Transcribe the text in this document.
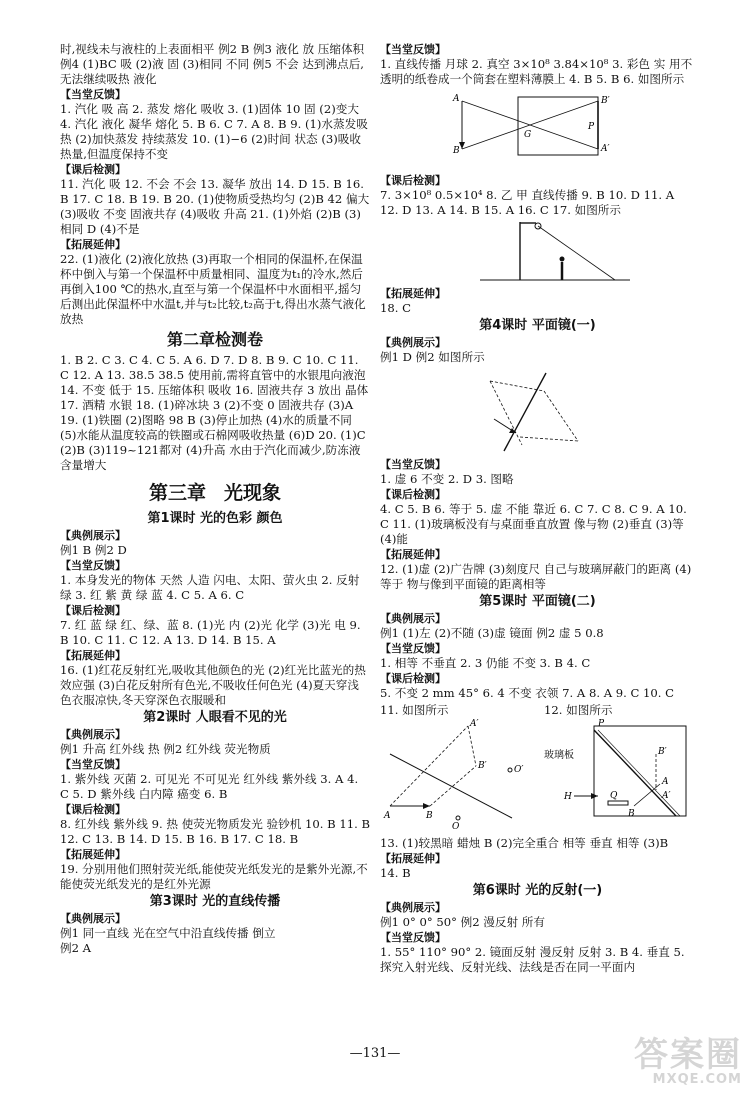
时,视线未与液柱的上表面相平 例2 B 例3 液化 放 压缩体积 例4 (1)BC 吸 (2)液 固 (3)相同 不同 例5 不会 达到沸点后,无法继续吸热 液化

【当堂反馈】

1. 汽化 吸 高 2. 蒸发 熔化 吸收 3. (1)固体 10 固 (2)变大 4. 汽化 液化 凝华 熔化 5. B 6. C 7. A 8. B 9. (1)水蒸发吸热 (2)加快蒸发 持续蒸发 10. (1)−6 (2)时间 状态 (3)吸收热量,但温度保持不变

【课后检测】

11. 汽化 吸 12. 不会 不会 13. 凝华 放出 14. D 15. B 16. B 17. C 18. B 19. B 20. (1)使物质受热均匀 (2)B 42 偏大 (3)吸收 不变 固液共存 (4)吸收 升高 21. (1)外焰 (2)B (3)相同 D (4)不是

【拓展延伸】

22. (1)液化 (2)液化放热 (3)再取一个相同的保温杯,在保温杯中倒入与第一个保温杯中质量相同、温度为t₁的冷水,然后再倒入100 ℃的热水,直至与第一个保温杯中水面相平,摇匀后测出此保温杯中水温t,并与t₂比较,t₂高于t,得出水蒸气液化放热

第二章检测卷

1. B 2. C 3. C 4. C 5. A 6. D 7. D 8. B 9. C 10. C 11. C 12. A 13. 38.5 38.5 使用前,需将直管中的水银甩向液泡 14. 不变 低于 15. 压缩体积 吸收 16. 固液共存 3 放出 晶体 17. 酒精 水银 18. (1)碎冰块 3 (2)不变 0 固液共存 (3)A 19. (1)铁圈 (2)图略 98 B (3)停止加热 (4)水的质量不同 (5)水能从温度较高的铁圈或石棉网吸收热量 (6)D 20. (1)C (2)B (3)119~121都对 (4)升高 水由于汽化而减少,防冻液含量增大

第三章 光现象

第1课时 光的色彩 颜色

【典例展示】

例1 B 例2 D

【当堂反馈】

1. 本身发光的物体 天然 人造 闪电、太阳、萤火虫 2. 反射 绿 3. 红 紫 黄 绿 蓝 4. C 5. A 6. C

【课后检测】

7. 红 蓝 绿 红、绿、蓝 8. (1)光 内 (2)光 化学 (3)光 电 9. B 10. C 11. C 12. A 13. D 14. B 15. A

【拓展延伸】

16. (1)红花反射红光,吸收其他颜色的光 (2)红光比蓝光的热效应强 (3)白花反射所有色光,不吸收任何色光 (4)夏天穿浅色衣服凉快,冬天穿深色衣服暖和

第2课时 人眼看不见的光

【典例展示】

例1 升高 红外线 热 例2 红外线 荧光物质

【当堂反馈】

1. 紫外线 灭菌 2. 可见光 不可见光 红外线 紫外线 3. A 4. C 5. D 紫外线 白内障 癌变 6. B

【课后检测】

8. 红外线 紫外线 9. 热 使荧光物质发光 验钞机 10. B 11. B 12. C 13. B 14. D 15. B 16. B 17. C 18. B

【拓展延伸】

19. 分别用他们照射荧光纸,能使荧光纸发光的是紫外光源,不能使荧光纸发光的是红外光源

第3课时 光的直线传播

【典例展示】

例1 同一直线 光在空气中沿直线传播 倒立

例2 A

【当堂反馈】

1. 直线传播 月球 2. 真空 3×10⁸ 3.84×10⁸ 3. 彩色 实 用不透明的纸卷成一个筒套在塑料薄膜上 4. B 5. B 6. 如图所示

A
B
B′
A′
G
P

【课后检测】

7. 3×10⁸ 0.5×10⁴ 8. 乙 甲 直线传播 9. B 10. D 11. A 12. D 13. A 14. B 15. A 16. C 17. 如图所示

【拓展延伸】

18. C

第4课时 平面镜(一)

【典例展示】

例1 D 例2 如图所示

【当堂反馈】

1. 虚 6 不变 2. D 3. 图略

【课后检测】

4. C 5. B 6. 等于 5. 虚 不能 靠近 6. C 7. C 8. C 9. A 10. C 11. (1)玻璃板没有与桌面垂直放置 像与物 (2)垂直 (3)等 (4)能

【拓展延伸】

12. (1)虚 (2)广告牌 (3)刻度尺 自己与玻璃屏蔽门的距离 (4)等于 物与像到平面镜的距离相等

第5课时 平面镜(二)

【典例展示】

例1 (1)左 (2)不随 (3)虚 镜面 例2 虚 5 0.8

【当堂反馈】

1. 相等 不垂直 2. 3 仍能 不变 3. B 4. C

【课后检测】

5. 不变 2 mm 45° 6. 4 不变 衣领 7. A 8. A 9. C 10. C

11. 如图所示

A′
B′	O′
A	B
O

12. 如图所示

P
玻璃板
H	Q
B
A
B′
A′

13. (1)较黑暗 蜡烛 B (2)完全重合 相等 垂直 相等 (3)B

【拓展延伸】

14. B

第6课时 光的反射(一)

【典例展示】

例1 0° 0° 50° 例2 漫反射 所有

【当堂反馈】

1. 55° 110° 90° 2. 镜面反射 漫反射 反射 3. B 4. 垂直 5. 探究入射光线、反射光线、法线是否在同一平面内

—131—	答案圈
MXQE.COM
